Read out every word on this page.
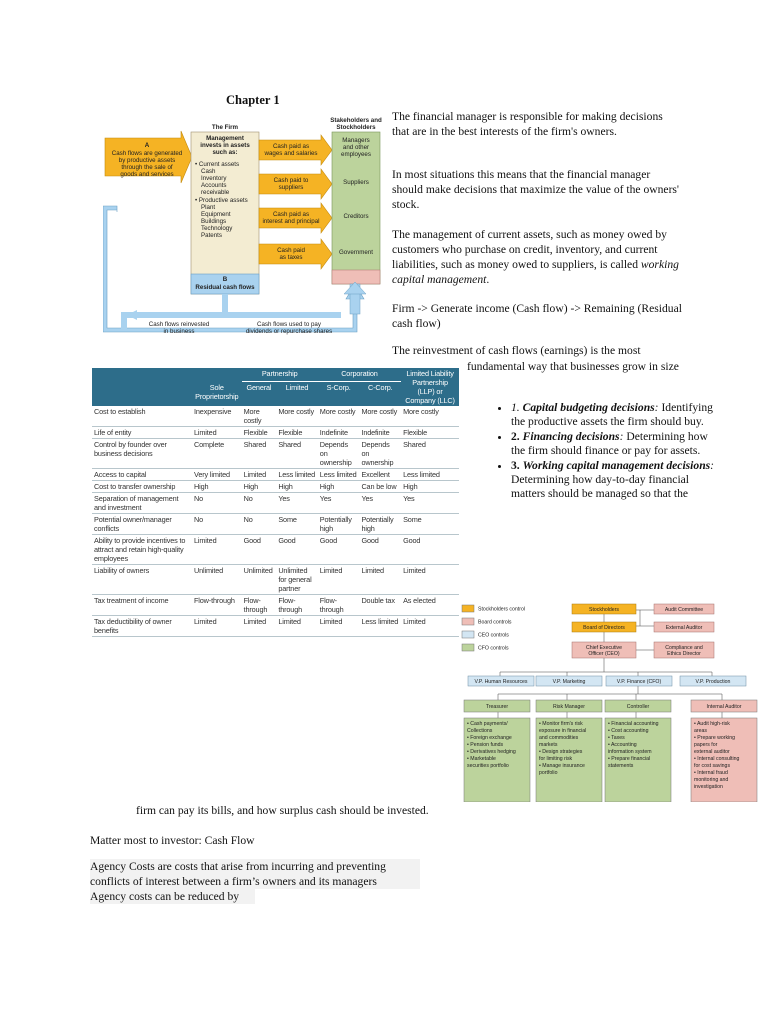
Chapter 1
A
Cash flows are generated
by productive assets
through the sale of
goods and services
The Firm
Management
invests in assets
such as:
• Current assets
Cash
Inventory
Accounts
receivable
• Productive assets
Plant
Equipment
Buildings
Technology
Patents
B
Residual cash flows
Cash paid as
wages and salaries
Cash paid to
suppliers
Cash paid as
interest and principal
Cash paid
as taxes
Stakeholders and
Stockholders
Managers
and other
employees
Suppliers
Creditors
Government
Cash flows reinvested
in business
Cash flows used to pay
dividends or repurchase shares

The financial manager is responsible for making decisions that are in the best interests of the firm's owners.

In most situations this means that the financial manager should make decisions that maximize the value of the owners' stock.

The management of current assets, such as money owed by customers who purchase on credit, inventory, and current liabilities, such as money owed to suppliers, is called working capital management.

Firm -> Generate income (Cash flow) -> Remaining (Residual cash flow)

The reinvestment of cash flows (earnings) is the most

fundamental way that businesses grow in size

		Partnership		Corporation		Limited Liability Partnership (LLP) or Company (LLC)
	Sole Proprietorship	General	Limited	S-Corp.	C-Corp.	
Cost to establish	Inexpensive	More costly	More costly	More costly	More costly	More costly
Life of entity	Limited	Flexible	Flexible	Indefinite	Indefinite	Flexible
Control by founder over business decisions	Complete	Shared	Shared	Depends on ownership	Depends on ownership	Shared
Access to capital	Very limited	Limited	Less limited	Less limited	Excellent	Less limited
Cost to transfer ownership	High	High	High	High	Can be low	High
Separation of management and investment	No	No	Yes	Yes	Yes	Yes
Potential owner/manager conflicts	No	No	Some	Potentially high	Potentially high	Some
Ability to provide incentives to attract and retain high-quality employees	Limited	Good	Good	Good	Good	Good
Liability of owners	Unlimited	Unlimited	Unlimited for general partner	Limited	Limited	Limited
Tax treatment of income	Flow-through	Flow-through	Flow-through	Flow-through	Double tax	As elected
Tax deductibility of owner benefits	Limited	Limited	Limited	Limited	Less limited	Limited
• 1. Capital budgeting decisions: Identifying the productive assets the firm should buy.
• 2. Financing decisions: Determining how the firm should finance or pay for assets.
• 3. Working capital management decisions: Determining how day-to-day financial matters should be managed so that the
Stockholders control
Board controls
CEO controls
CFO controls
Stockholders
Board of Directors
Audit Committee
External Auditor
Chief Executive
Officer (CEO)
Compliance and
Ethics Director
V.P. Human Resources	V.P. Marketing	V.P. Finance (CFO)	V.P. Production
Treasurer	Risk Manager	Controller	Internal Auditor
• Cash payments/
Collections
• Foreign exchange
• Pension funds
• Derivatives hedging
• Marketable
securities portfolio
• Monitor firm's risk
exposure in financial
and commodities
markets
• Design strategies
for limiting risk
• Manage insurance
portfolio
• Financial accounting
• Cost accounting
• Taxes
• Accounting
information system
• Prepare financial
statements
• Audit high-risk
areas
• Prepare working
papers for
external auditor
• Internal consulting
for cost savings
• Internal fraud
monitoring and
investigation

firm can pay its bills, and how surplus cash should be invested.

Matter most to investor: Cash Flow

Agency Costs are costs that arise from incurring and preventing conflicts of interest between a firm’s owners and its managers

Agency costs can be reduced by
